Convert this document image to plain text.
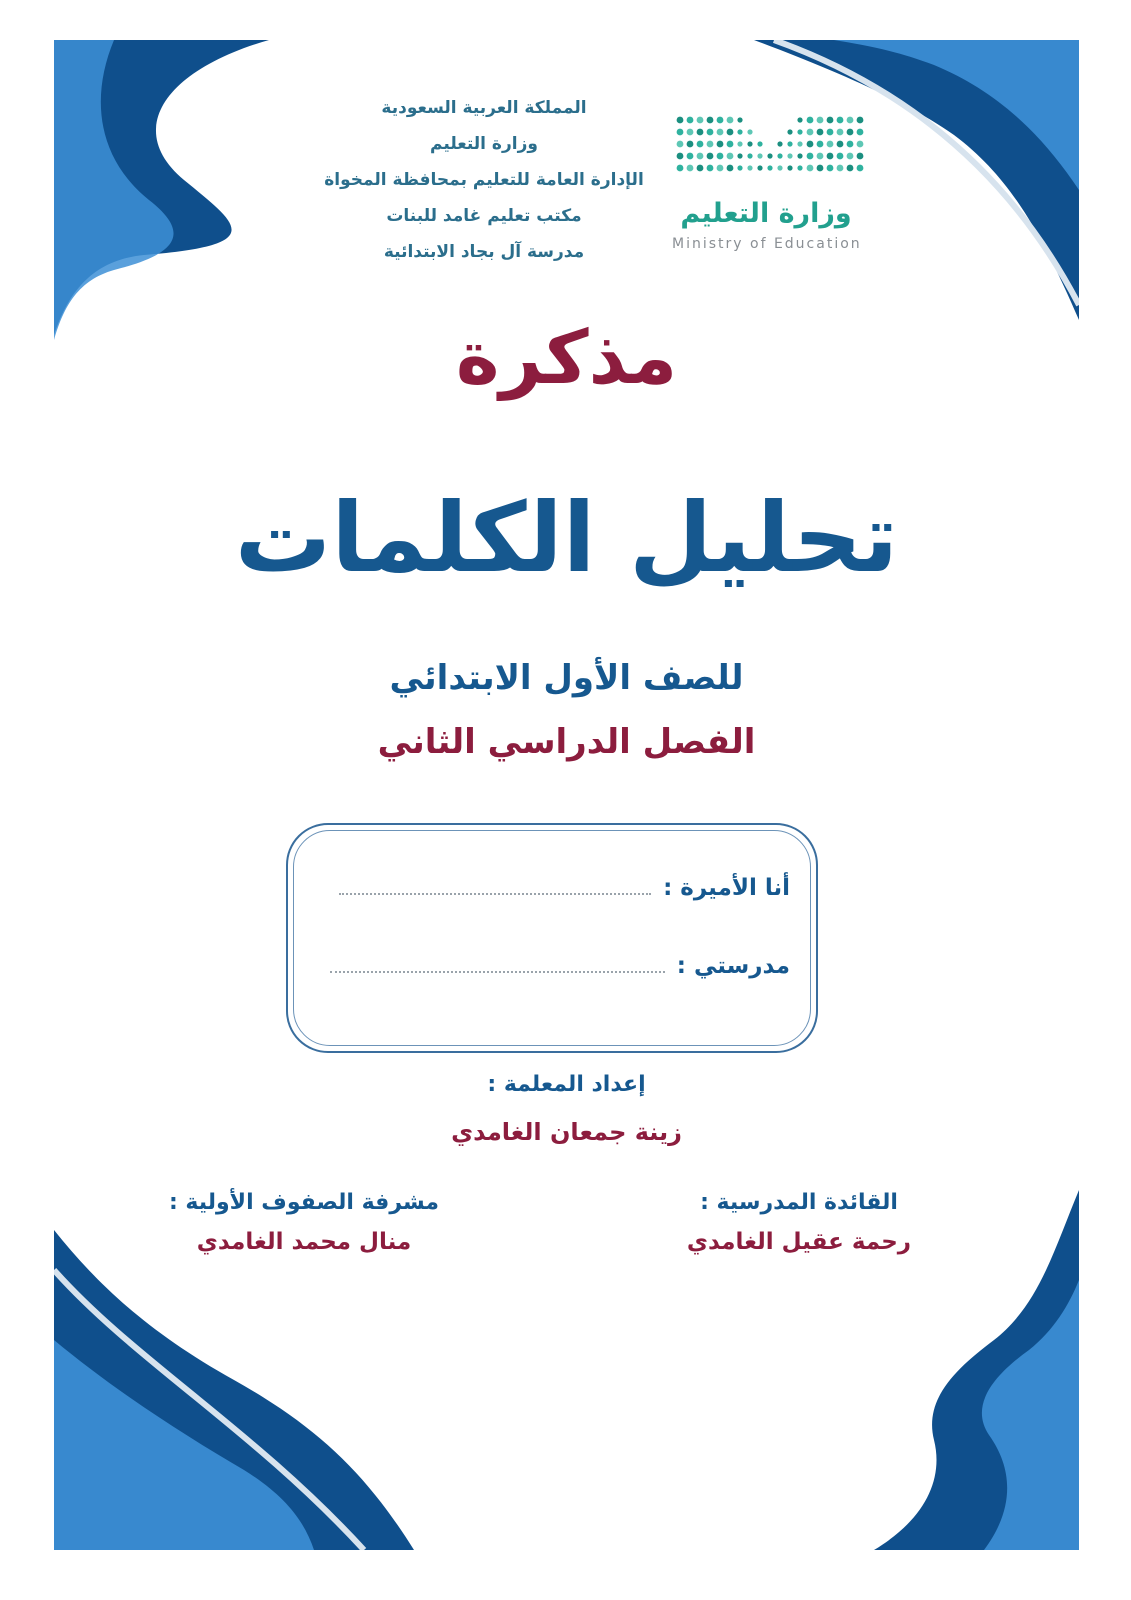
المملكة العربية السعودية
وزارة التعليم
الإدارة العامة للتعليم بمحافظة المخواة
مكتب تعليم غامد للبنات
مدرسة آل بجاد الابتدائية
وزارة التعليم
Ministry of Education
مذكرة
تحليل الكلمات
للصف الأول الابتدائي
الفصل الدراسي الثاني
أنا الأميرة :
مدرستي :
إعداد المعلمة :
زينة جمعان الغامدي
القائدة المدرسية :
رحمة عقيل الغامدي
مشرفة الصفوف الأولية :
منال محمد الغامدي
